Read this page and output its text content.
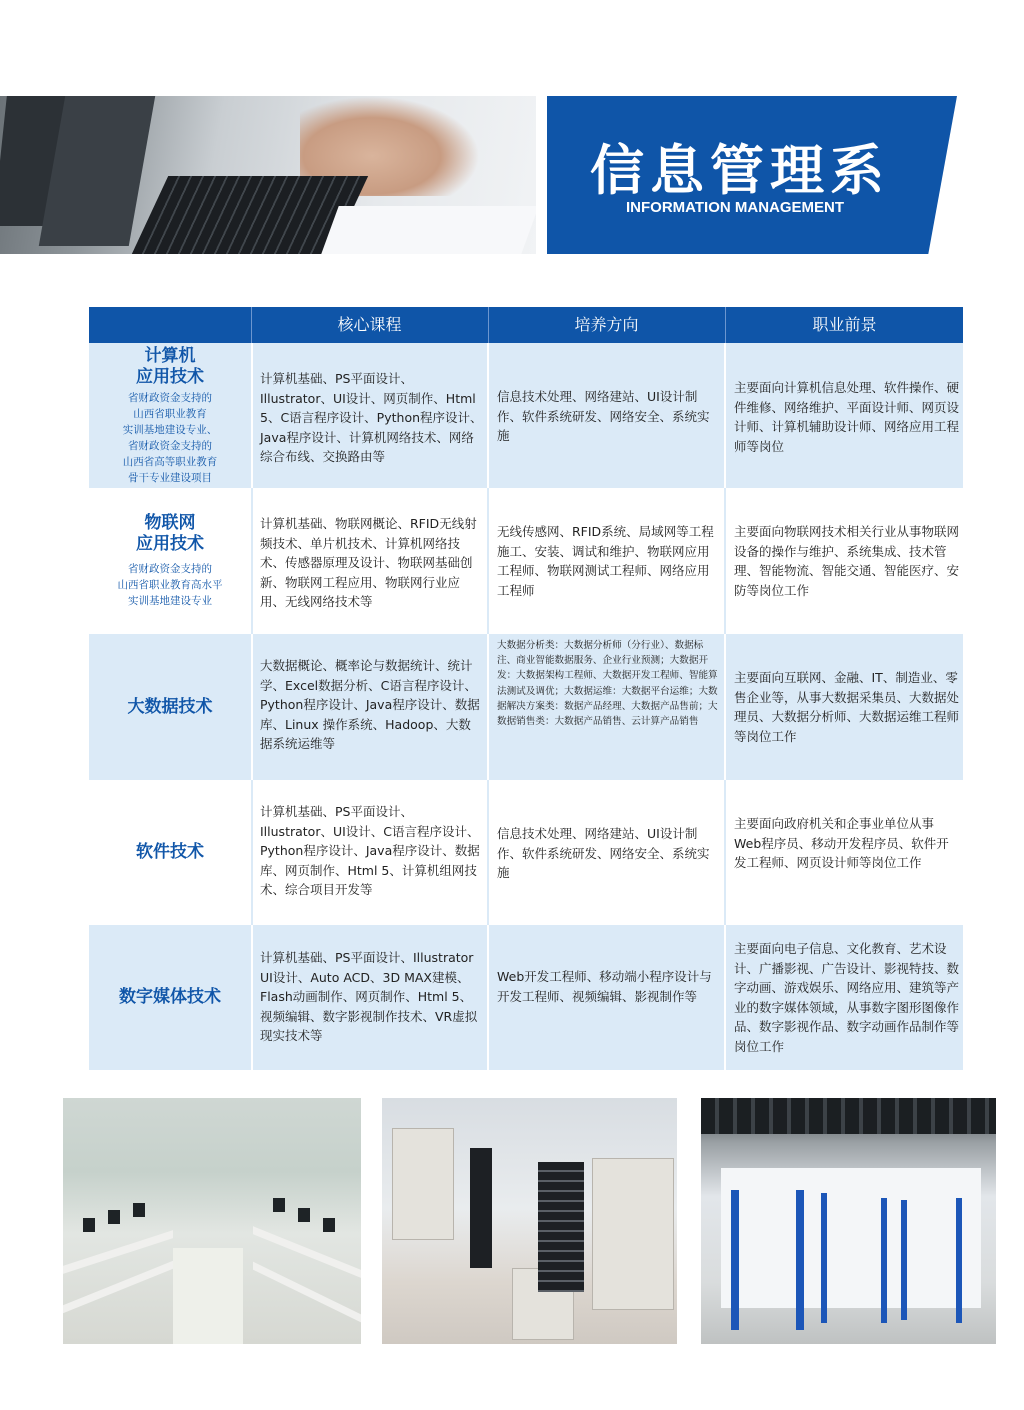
信息管理系
INFORMATION MANAGEMENT
核心课程	培养方向	职业前景
计算机
应用技术
省财政资金支持的
山西省职业教育
实训基地建设专业、
省财政资金支持的
山西省高等职业教育
骨干专业建设项目
计算机基础、PS平面设计、Illustrator、UI设计、网页制作、Html 5、C语言程序设计、Python程序设计、Java程序设计、计算机网络技术、网络综合布线、交换路由等
信息技术处理、网络建站、UI设计制作、软件系统研发、网络安全、系统实施
主要面向计算机信息处理、软件操作、硬件维修、网络维护、平面设计师、网页设计师、计算机辅助设计师、网络应用工程师等岗位
物联网
应用技术
省财政资金支持的
山西省职业教育高水平
实训基地建设专业
计算机基础、物联网概论、RFID无线射频技术、单片机技术、计算机网络技术、传感器原理及设计、物联网基础创新、物联网工程应用、物联网行业应用、无线网络技术等
无线传感网、RFID系统、局域网等工程施工、安装、调试和维护、物联网应用工程师、物联网测试工程师、网络应用工程师
主要面向物联网技术相关行业从事物联网设备的操作与维护、系统集成、技术管理、智能物流、智能交通、智能医疗、安防等岗位工作
大数据技术
大数据概论、概率论与数据统计、统计学、Excel数据分析、C语言程序设计、Python程序设计、Java程序设计、数据库、Linux 操作系统、Hadoop、大数据系统运维等
大数据分析类：大数据分析师（分行业）、数据标注、商业智能数据服务、企业行业预测；大数据开发：大数据架构工程师、大数据开发工程师、智能算法测试及调优；大数据运维：大数据平台运维；大数据解决方案类：数据产品经理、大数据产品售前；大数据销售类：大数据产品销售、云计算产品销售
主要面向互联网、金融、IT、制造业、零售企业等，从事大数据采集员、大数据处理员、大数据分析师、大数据运维工程师等岗位工作
软件技术
计算机基础、PS平面设计、Illustrator、UI设计、C语言程序设计、Python程序设计、Java程序设计、数据库、网页制作、Html 5、计算机组网技术、综合项目开发等
信息技术处理、网络建站、UI设计制作、软件系统研发、网络安全、系统实施
主要面向政府机关和企事业单位从事Web程序员、移动开发程序员、软件开发工程师、网页设计师等岗位工作
数字媒体技术
计算机基础、PS平面设计、Illustrator UI设计、Auto ACD、3D MAX建模、Flash动画制作、网页制作、Html 5、视频编辑、数字影视制作技术、VR虚拟现实技术等
Web开发工程师、移动端小程序设计与开发工程师、视频编辑、影视制作等
主要面向电子信息、文化教育、艺术设计、广播影视、广告设计、影视特技、数字动画、游戏娱乐、网络应用、建筑等产业的数字媒体领域，从事数字图形图像作品、数字影视作品、数字动画作品制作等岗位工作
